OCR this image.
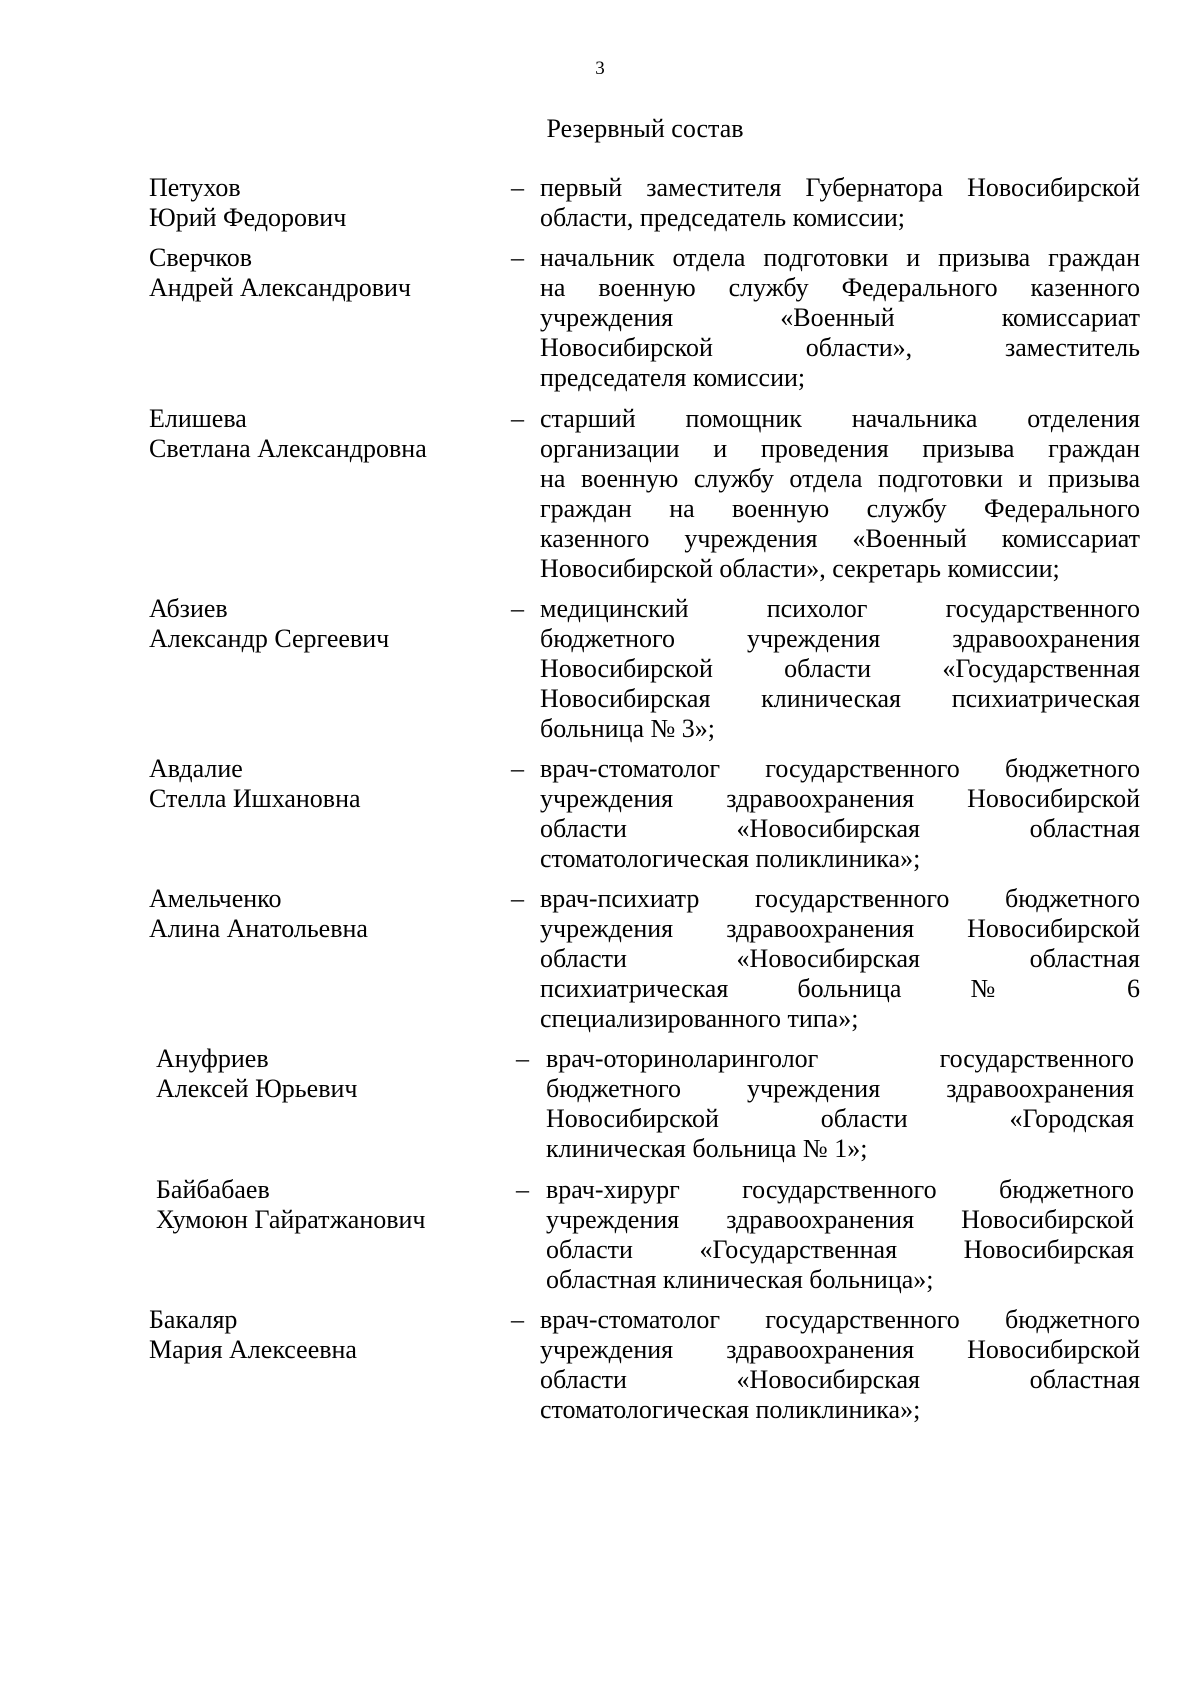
3
Резервный состав
Петухов
Юрий Федорович
– первый заместителя Губернатора Новосибирской
области, председатель комиссии;
Сверчков
Андрей Александрович
– начальник отдела подготовки и призыва граждан
на военную службу Федерального казенного
учреждения «Военный комиссариат
Новосибирской области», заместитель
председателя комиссии;
Елишева
Светлана Александровна
– старший помощник начальника отделения
организации и проведения призыва граждан
на военную службу отдела подготовки и призыва
граждан на военную службу Федерального
казенного учреждения «Военный комиссариат
Новосибирской области», секретарь комиссии;
Абзиев
Александр Сергеевич
– медицинский психолог государственного
бюджетного учреждения здравоохранения
Новосибирской области «Государственная
Новосибирская клиническая психиатрическая
больница № 3»;
Авдалие
Стелла Ишхановна
– врач-стоматолог государственного бюджетного
учреждения здравоохранения Новосибирской
области «Новосибирская областная
стоматологическая поликлиника»;
Амельченко
Алина Анатольевна
– врач-психиатр государственного бюджетного
учреждения здравоохранения Новосибирской
области «Новосибирская областная
психиатрическая больница № 6
специализированного типа»;
Ануфриев
Алексей Юрьевич
– врач-оториноларинголог государственного
бюджетного учреждения здравоохранения
Новосибирской области «Городская
клиническая больница № 1»;
Байбабаев
Хумоюн Гайратжанович
– врач-хирург государственного бюджетного
учреждения здравоохранения Новосибирской
области «Государственная Новосибирская
областная клиническая больница»;
Бакаляр
Мария Алексеевна
– врач-стоматолог государственного бюджетного
учреждения здравоохранения Новосибирской
области «Новосибирская областная
стоматологическая поликлиника»;
